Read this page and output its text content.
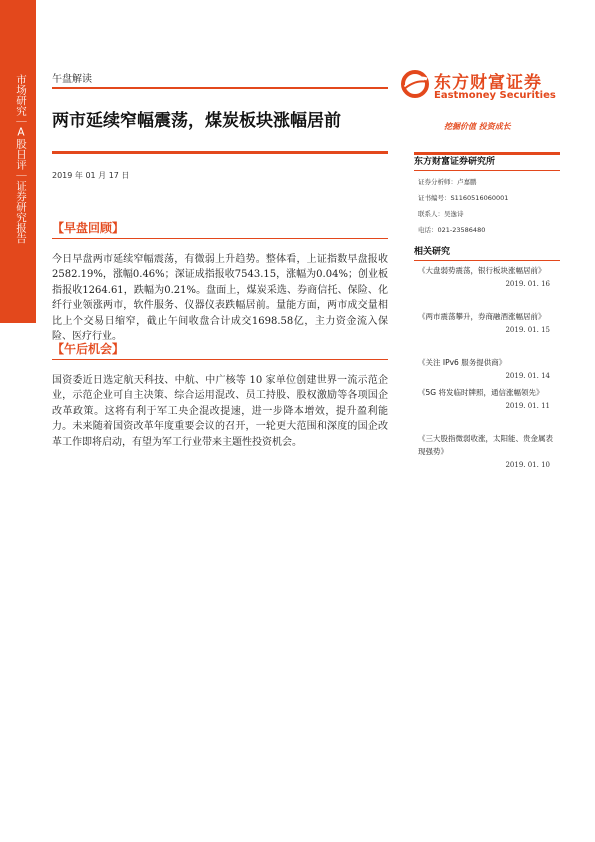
市场研究｜A股日评｜证券研究报告	午盘解读
两市延续窄幅震荡，煤炭板块涨幅居前
2019 年 01 月 17 日
【早盘回顾】
今日早盘两市延续窄幅震荡，有微弱上升趋势。整体看，上证指数早盘报收2582.19%，涨幅0.46%；深证成指报收7543.15，涨幅为0.04%；创业板指报收1264.61，跌幅为0.21%。盘面上，煤炭采选、券商信托、保险、化纤行业领涨两市，软件服务、仪器仪表跌幅居前。量能方面，两市成交量相比上个交易日缩窄，截止午间收盘合计成交1698.58亿，主力资金流入保险、医疗行业。
【午后机会】
国资委近日选定航天科技、中航、中广核等 10 家单位创建世界一流示范企业，示范企业可自主决策、综合运用混改、员工持股、股权激励等各项国企改革政策。这将有利于军工央企混改提速，进一步降本增效，提升盈利能力。未来随着国资改革年度重要会议的召开，一轮更大范围和深度的国企改革工作即将启动，有望为军工行业带来主题性投资机会。
东方财富证券
Eastmoney Securities
挖掘价值 投资成长
东方财富证券研究所
证券分析师：卢嘉鹏
证书编号：S1160516060001
联系人：吴逸诗
电话：021-23586480
相关研究
《大盘弱势震荡，银行板块涨幅居前》
2019. 01. 16
《两市震荡攀升，券商融酒涨幅居前》
2019. 01. 15
《关注 IPv6 服务提供商》
2019. 01. 14
《5G 将发临时牌照，通信涨幅领先》
2019. 01. 11
《三大股指微弱收涨，太阳能、贵金属表现强势》
2019. 01. 10
